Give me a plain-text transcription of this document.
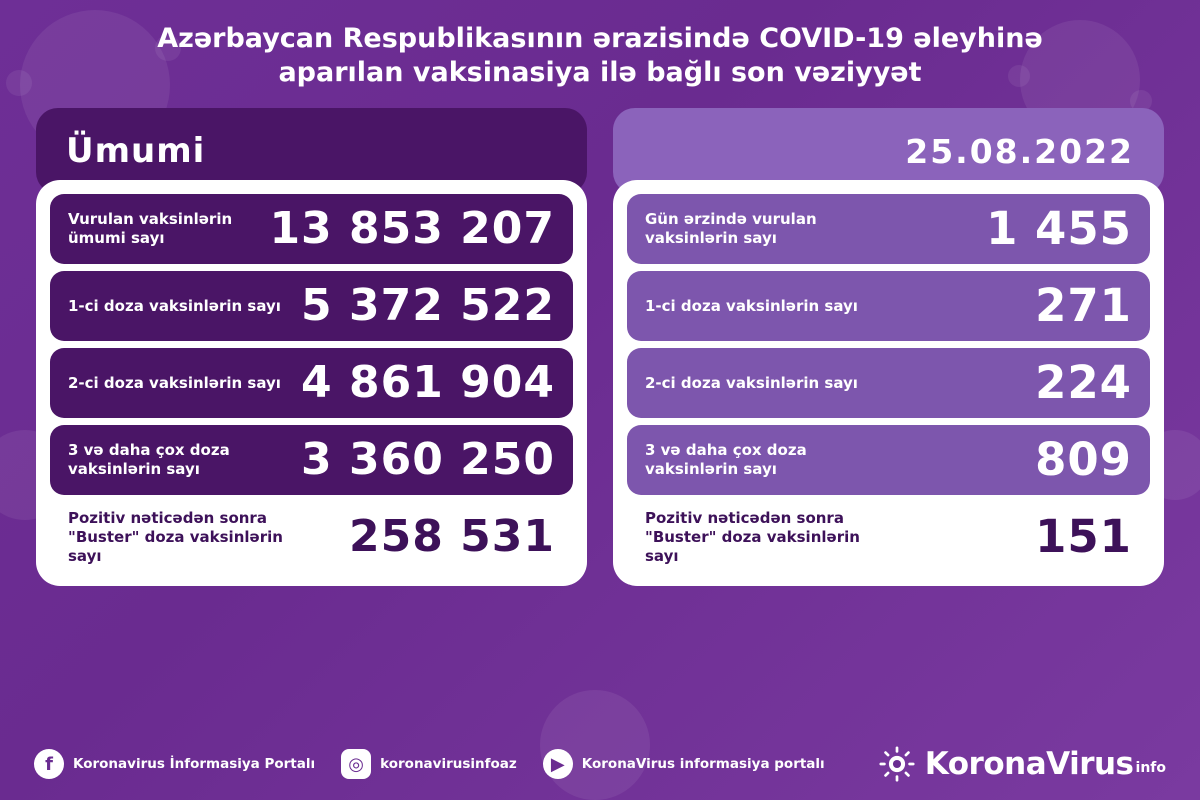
Azərbaycan Respublikasının ərazisində COVID-19 əleyhinə aparılan vaksinasiya ilə bağlı son vəziyyət
Ümumi
Vurulan vaksinlərin ümumi sayı	13 853 207
1-ci doza vaksinlərin sayı 5 372 522
2-ci doza vaksinlərin sayı 4 861 904
3 və daha çox doza vaksinlərin sayı	3 360 250
Pozitiv nəticədən sonra "Buster" doza vaksinlərin sayı	258 531
25.08.2022
Gün ərzində vurulan vaksinlərin sayı	1 455
1-ci doza vaksinlərin sayı	271
2-ci doza vaksinlərin sayı	224
3 və daha çox doza vaksinlərin sayı	809
Pozitiv nəticədən sonra "Buster" doza vaksinlərin sayı	151
f	Koronavirus İnformasiya Portalı	◎	koronavirusinfoaz	▶	KoronaVirus informasiya portalı	KoronaVirus info
